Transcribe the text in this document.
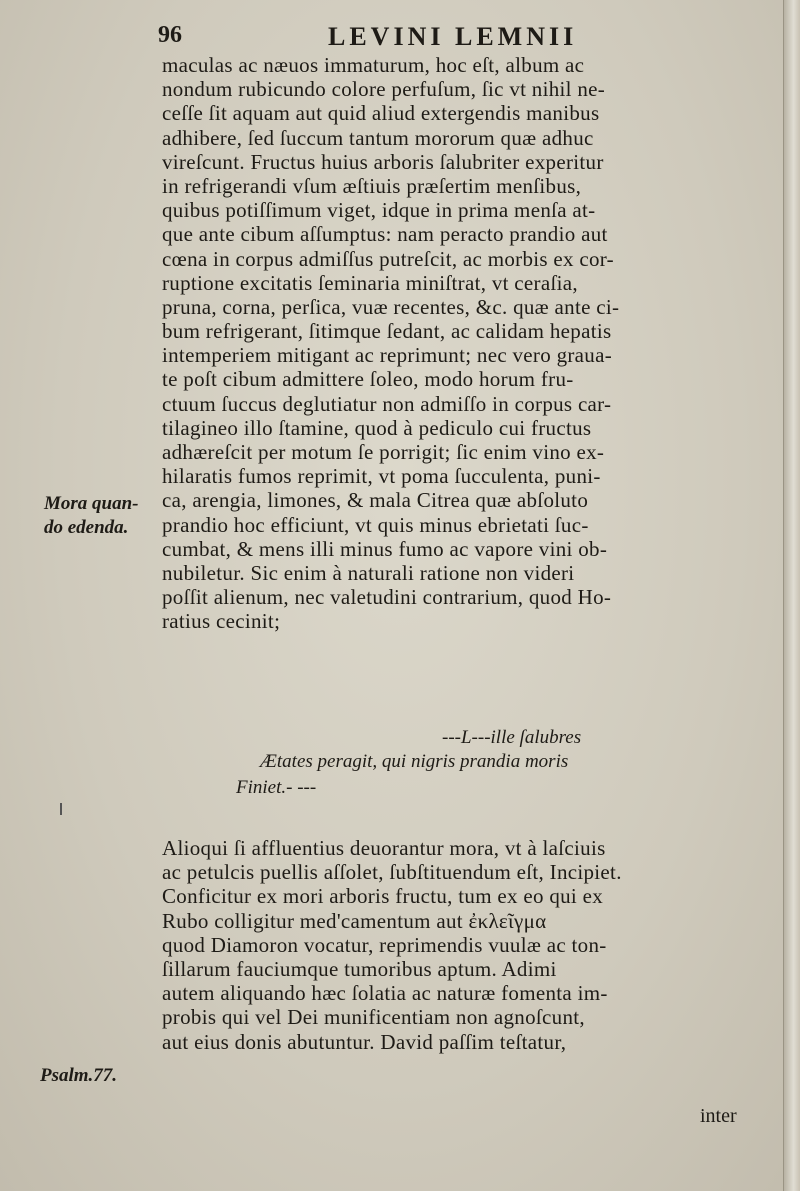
96	LEVINI LEMNII
maculas ac næuos immaturum, hoc eſt, album ac
nondum rubicundo colore perfuſum, ſic vt nihil ne-
ceſſe ſit aquam aut quid aliud extergendis manibus
adhibere, ſed ſuccum tantum mororum quæ adhuc
vireſcunt. Fructus huius arboris ſalubriter experitur
in refrigerandi vſum æſtiuis præſertim menſibus,
quibus potiſſimum viget, idque in prima menſa at-
que ante cibum aſſumptus: nam peracto prandio aut
cœna in corpus admiſſus putreſcit, ac morbis ex cor-
ruptione excitatis ſeminaria miniſtrat, vt ceraſia,
pruna, corna, perſica, vuæ recentes, &c. quæ ante ci-
bum refrigerant, ſitimque ſedant, ac calidam hepatis
intemperiem mitigant ac reprimunt; nec vero graua-
te poſt cibum admittere ſoleo, modo horum fru-
ctuum ſuccus deglutiatur non admiſſo in corpus car-
tilagineo illo ſtamine, quod à pediculo cui fructus
adhæreſcit per motum ſe porrigit; ſic enim vino ex-
hilaratis fumos reprimit, vt poma ſucculenta, puni-
ca, arengia, limones, & mala Citrea quæ abſoluto
prandio hoc efficiunt, vt quis minus ebrietati ſuc-
cumbat, & mens illi minus fumo ac vapore vini ob-
nubiletur. Sic enim à naturali ratione non videri
poſſit alienum, nec valetudini contrarium, quod Ho-
ratius cecinit;
Mora quan-
do edenda.
---L---ille ſalubres
Ætates peragit, qui nigris prandia moris
Finiet.- ---
Alioqui ſi affluentius deuorantur mora, vt à laſciuis
ac petulcis puellis aſſolet, ſubſtituendum eſt, Incipiet.
Conficitur ex mori arboris fructu, tum ex eo qui ex
Rubo colligitur med'camentum aut ἐκλεῖγμα
quod Diamoron vocatur, reprimendis vuulæ ac ton-
ſillarum fauciumque tumoribus aptum. Adimi
autem aliquando hæc ſolatia ac naturæ fomenta im-
probis qui vel Dei munificentiam non agnoſcunt,
aut eius donis abutuntur. David paſſim teſtatur,
Psalm.77.
inter
